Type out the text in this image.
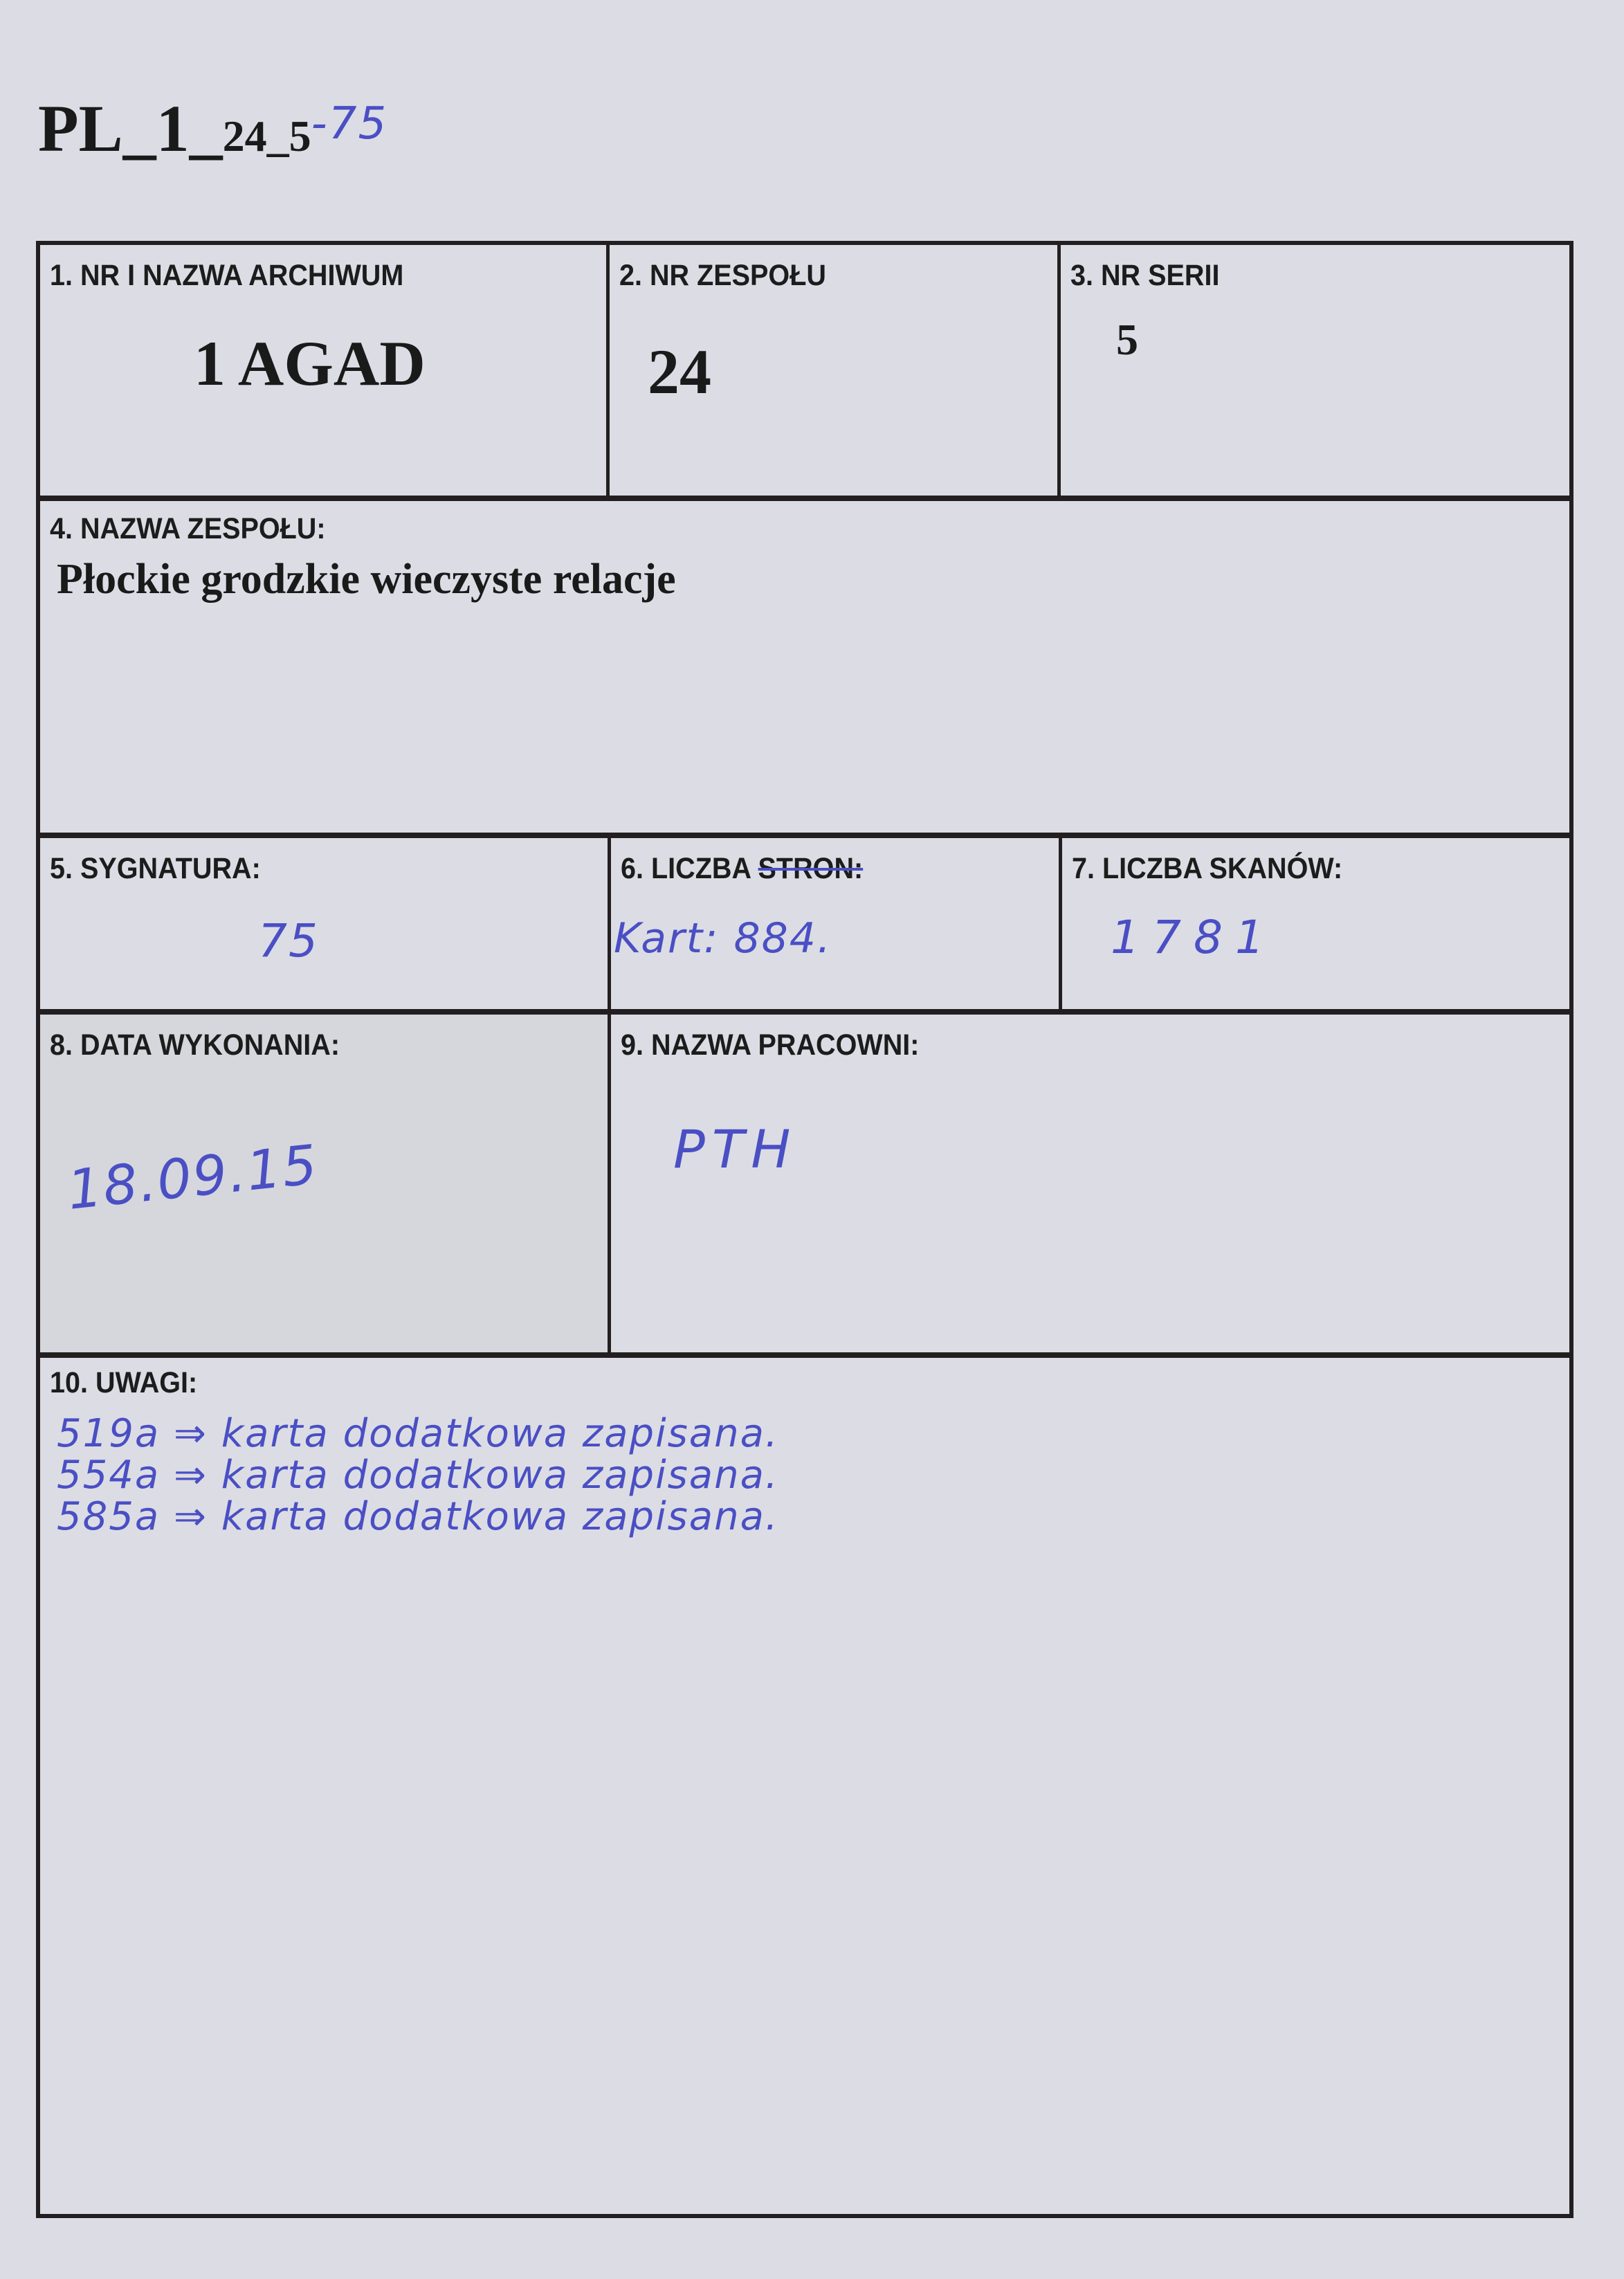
PL_1_24_5-75
1. NR I NAZWA ARCHIWUM
1 AGAD
2. NR ZESPOŁU
24
3. NR SERII
5
4. NAZWA ZESPOŁU:
Płockie grodzkie wieczyste relacje
5. SYGNATURA:
75
6. LICZBA STRON:
Kart: 884.
7. LICZBA SKANÓW:
1781
8. DATA WYKONANIA:
18.09.15
9. NAZWA PRACOWNI:
PTH
10. UWAGI:
519a ⇒ karta dodatkowa zapisana.
554a ⇒ karta dodatkowa zapisana.
585a ⇒ karta dodatkowa zapisana.
